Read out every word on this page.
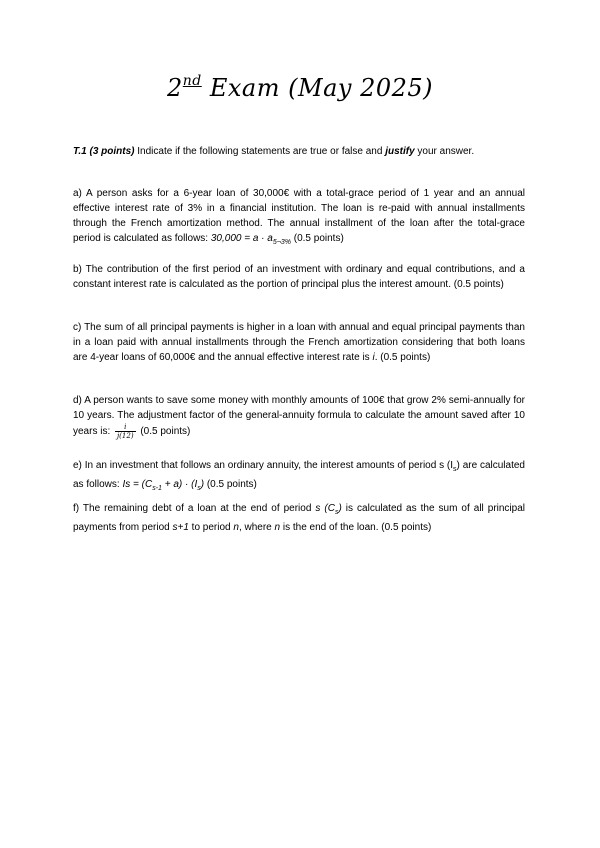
2nd Exam (May 2025)
T.1 (3 points) Indicate if the following statements are true or false and justify your answer.
a) A person asks for a 6-year loan of 30,000€ with a total-grace period of 1 year and an annual effective interest rate of 3% in a financial institution. The loan is re-paid with annual installments through the French amortization method. The annual installment of the loan after the total-grace period is calculated as follows: $30,000 = a \cdot a_{5\neg 3\%}$ (0.5 points)
b) The contribution of the first period of an investment with ordinary and equal contributions, and a constant interest rate is calculated as the portion of principal plus the interest amount. (0.5 points)
c) The sum of all principal payments is higher in a loan with annual and equal principal payments than in a loan paid with annual installments through the French amortization considering that both loans are 4-year loans of 60,000€ and the annual effective interest rate is i. (0.5 points)
d) A person wants to save some money with monthly amounts of 100€ that grow 2% semi-annually for 10 years. The adjustment factor of the general-annuity formula to calculate the amount saved after 10 years is: $\frac{i}{j(12)} (0.5$ points)
e) In an investment that follows an ordinary annuity, the interest amounts of period s $(I_s)$ are calculated as follows: $Is = (C_{s-1} + a) \cdot (I_s)$ (0.5 points)
f) The remaining debt of a loan at the end of period s $(C_s)$ is calculated as the sum of all principal payments from period s+1 to period n, where n is the end of the loan. (0.5 points)
